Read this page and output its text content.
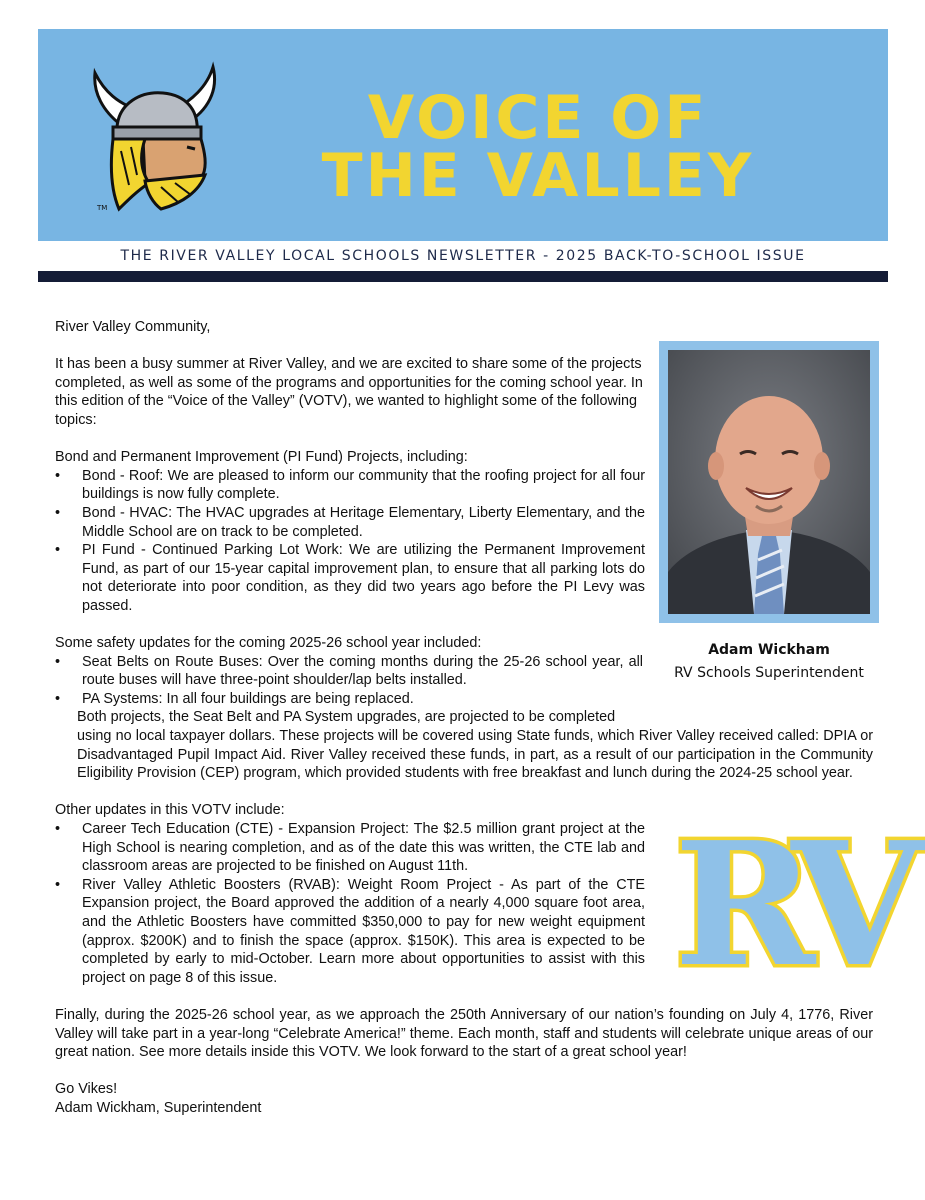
TM
VOICE OF
THE VALLEY
THE RIVER VALLEY LOCAL SCHOOLS NEWSLETTER - 2025 BACK-TO-SCHOOL ISSUE

River Valley Community,

It has been a busy summer at River Valley, and we are excited to share some of the projects completed, as well as some of the programs and opportunities for the coming school year. In this edition of the “Voice of the Valley” (VOTV), we wanted to highlight some of the following topics:

Bond and Permanent Improvement (PI Fund) Projects, including:

• Bond - Roof: We are pleased to inform our community that the roofing project for all four buildings is now fully complete.
• Bond - HVAC: The HVAC upgrades at Heritage Elementary, Liberty Elementary, and the Middle School are on track to be completed.
• PI Fund - Continued Parking Lot Work: We are utilizing the Permanent Improvement Fund, as part of our 15-year capital improvement plan, to ensure that all parking lots do not deteriorate into poor condition, as they did two years ago before the PI Levy was passed.

Some safety updates for the coming 2025-26 school year included:

• Seat Belts on Route Buses: Over the coming months during the 25-26 school year, all route buses will have three-point shoulder/lap belts installed.
• PA Systems: In all four buildings are being replaced.
Both projects, the Seat Belt and PA System upgrades, are projected to be completed
using no local taxpayer dollars. These projects will be covered using State funds, which River Valley received called: DPIA or Disadvantaged Pupil Impact Aid. River Valley received these funds, in part, as a result of our participation in the Community Eligibility Provision (CEP) program, which provided students with free breakfast and lunch during the 2024-25 school year.

Other updates in this VOTV include:

• Career Tech Education (CTE) - Expansion Project: The $2.5 million grant project at the High School is nearing completion, and as of the date this was written, the CTE lab and classroom areas are projected to be finished on August 11th.
• River Valley Athletic Boosters (RVAB): Weight Room Project - As part of the CTE Expansion project, the Board approved the addition of a nearly 4,000 square foot area, and the Athletic Boosters have committed $350,000 to pay for new weight equipment (approx. $200K) and to finish the space (approx. $150K). This area is expected to be completed by early to mid-October. Learn more about opportunities to assist with this project on page 8 of this issue.

Finally, during the 2025-26 school year, as we approach the 250th Anniversary of our nation’s founding on July 4, 1776, River Valley will take part in a year-long “Celebrate America!” theme. Each month, staff and students will celebrate unique areas of our great nation. See more details inside this VOTV. We look forward to the start of a great school year!

Go Vikes!

Adam Wickham, Superintendent

Adam Wickham
RV Schools Superintendent
RV
